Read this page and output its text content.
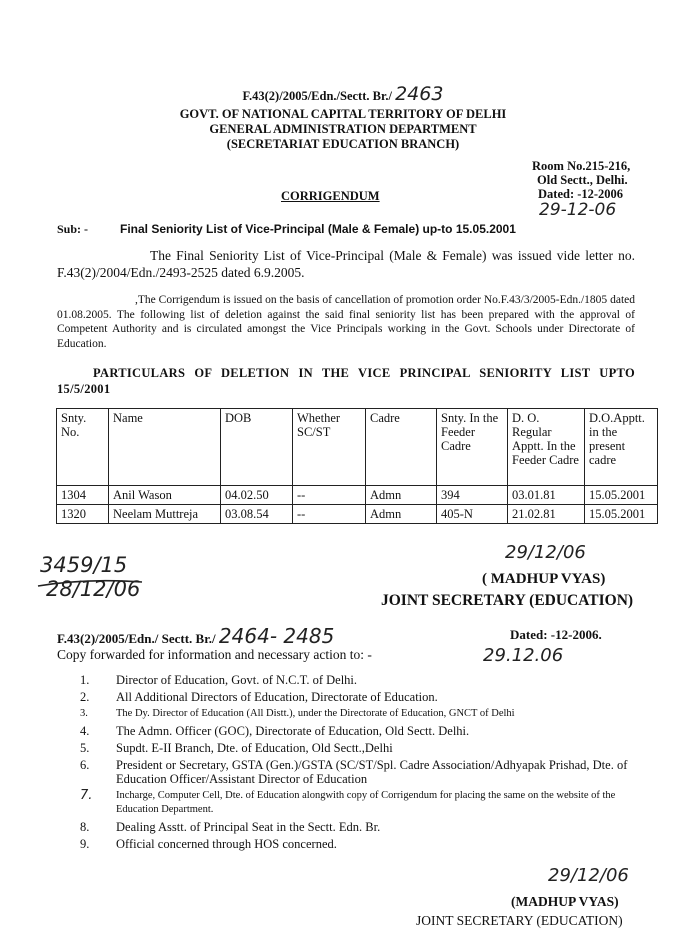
F.43(2)/2005/Edn./Sectt. Br./ 2463
GOVT. OF NATIONAL CAPITAL TERRITORY OF DELHI
GENERAL ADMINISTRATION DEPARTMENT
(SECRETARIAT EDUCATION BRANCH)
Room No.215-216,
Old Sectt., Delhi.
Dated: -12-2006
29-12-06
CORRIGENDUM
Sub: -	Final Seniority List of Vice-Principal (Male & Female) up-to 15.05.2001
The Final Seniority List of Vice-Principal (Male & Female) was issued vide letter no. F.43(2)/2004/Edn./2493-2525 dated 6.9.2005.
,The Corrigendum is issued on the basis of cancellation of promotion order No.F.43/3/2005-Edn./1805 dated 01.08.2005. The following list of deletion against the said final seniority list has been prepared with the approval of Competent Authority and is circulated amongst the Vice Principals working in the Govt. Schools under Directorate of Education.
PARTICULARS OF DELETION IN THE VICE PRINCIPAL SENIORITY LIST UPTO 15/5/2001
Snty. No.	Name	DOB	Whether SC/ST	Cadre	Snty. In the Feeder Cadre	D. O. Regular Apptt. In the Feeder Cadre	D.O.Apptt. in the present cadre
1304	Anil Wason	04.02.50	--	Admn	394	03.01.81	15.05.2001
1320	Neelam Muttreja	03.08.54	--	Admn	405-N	21.02.81	15.05.2001
3459/15
28/12/06
29/12/06
( MADHUP VYAS)
JOINT SECRETARY (EDUCATION)
F.43(2)/2005/Edn./ Sectt. Br./ 2464- 2485
Copy forwarded for information and necessary action to: -
Dated: -12-2006.
29.12.06
1. Director of Education, Govt. of N.C.T. of Delhi.
2. All Additional Directors of Education, Directorate of Education.
3.	The Dy. Director of Education (All Distt.), under the Directorate of Education, GNCT of Delhi
4. The Admn. Officer (GOC), Directorate of Education, Old Sectt. Delhi.
5. Supdt. E-II Branch, Dte. of Education, Old Sectt.,Delhi
6. President or Secretary, GSTA (Gen.)/GSTA (SC/ST/Spl. Cadre Association/Adhyapak Prishad, Dte. of Education Officer/Assistant Director of Education
7. Incharge, Computer Cell, Dte. of Education alongwith copy of Corrigendum for placing the same on the website of the Education Department.
8. Dealing Asstt. of Principal Seat in the Sectt. Edn. Br.
9. Official concerned through HOS concerned.
29/12/06
(MADHUP VYAS)
JOINT SECRETARY (EDUCATION)
